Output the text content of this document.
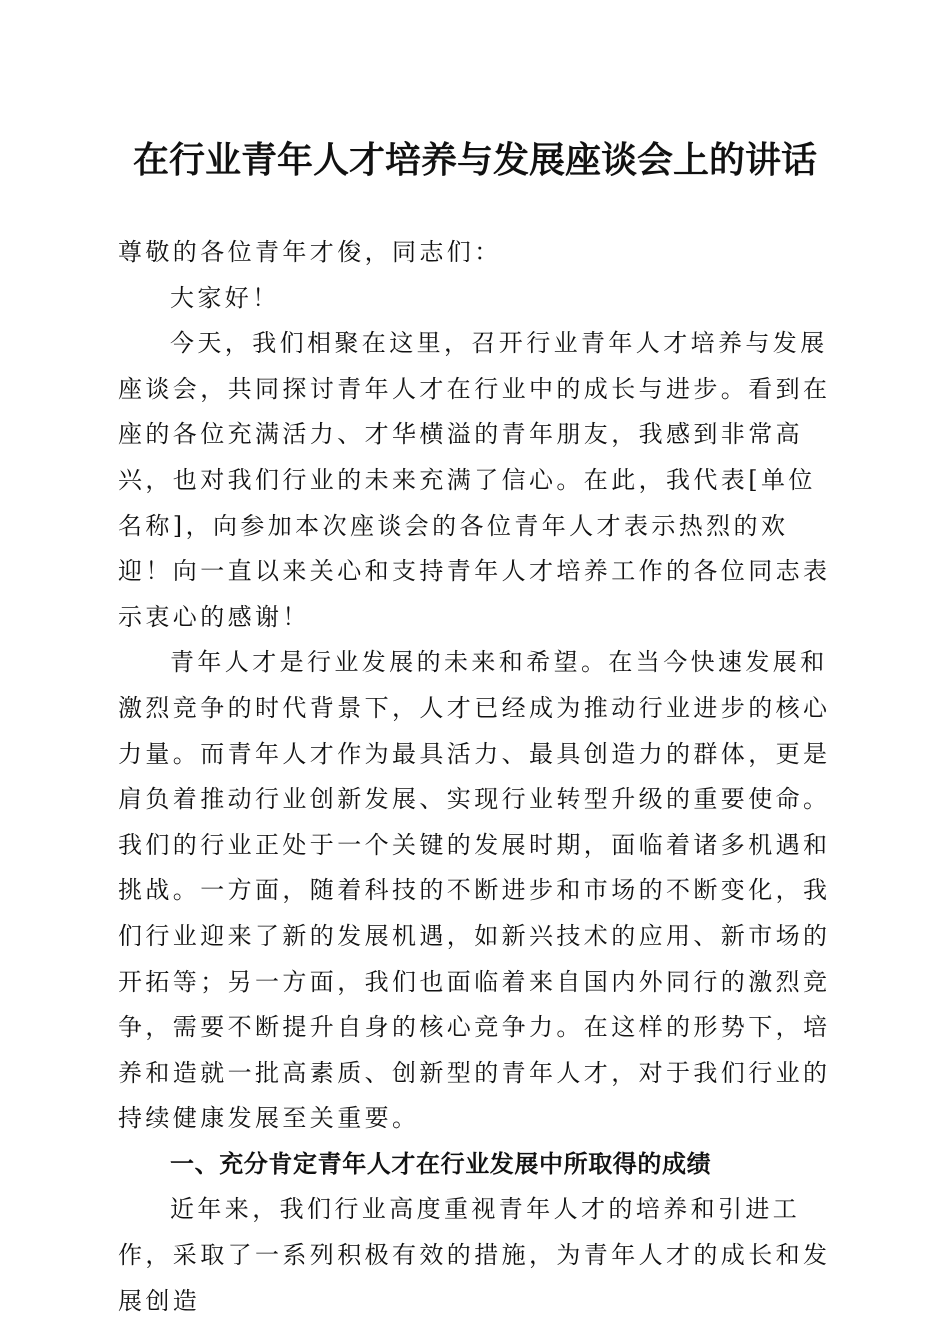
在行业青年人才培养与发展座谈会上的讲话

尊敬的各位青年才俊，同志们：

大家好！

今天，我们相聚在这里，召开行业青年人才培养与发展座谈会，共同探讨青年人才在行业中的成长与进步。看到在座的各位充满活力、才华横溢的青年朋友，我感到非常高兴，也对我们行业的未来充满了信心。在此，我代表[单位名称]，向参加本次座谈会的各位青年人才表示热烈的欢迎！向一直以来关心和支持青年人才培养工作的各位同志表示衷心的感谢！

青年人才是行业发展的未来和希望。在当今快速发展和激烈竞争的时代背景下，人才已经成为推动行业进步的核心力量。而青年人才作为最具活力、最具创造力的群体，更是肩负着推动行业创新发展、实现行业转型升级的重要使命。我们的行业正处于一个关键的发展时期，面临着诸多机遇和挑战。一方面，随着科技的不断进步和市场的不断变化，我们行业迎来了新的发展机遇，如新兴技术的应用、新市场的开拓等；另一方面，我们也面临着来自国内外同行的激烈竞争，需要不断提升自身的核心竞争力。在这样的形势下，培养和造就一批高素质、创新型的青年人才，对于我们行业的持续健康发展至关重要。

一、充分肯定青年人才在行业发展中所取得的成绩

近年来，我们行业高度重视青年人才的培养和引进工作，采取了一系列积极有效的措施，为青年人才的成长和发展创造
